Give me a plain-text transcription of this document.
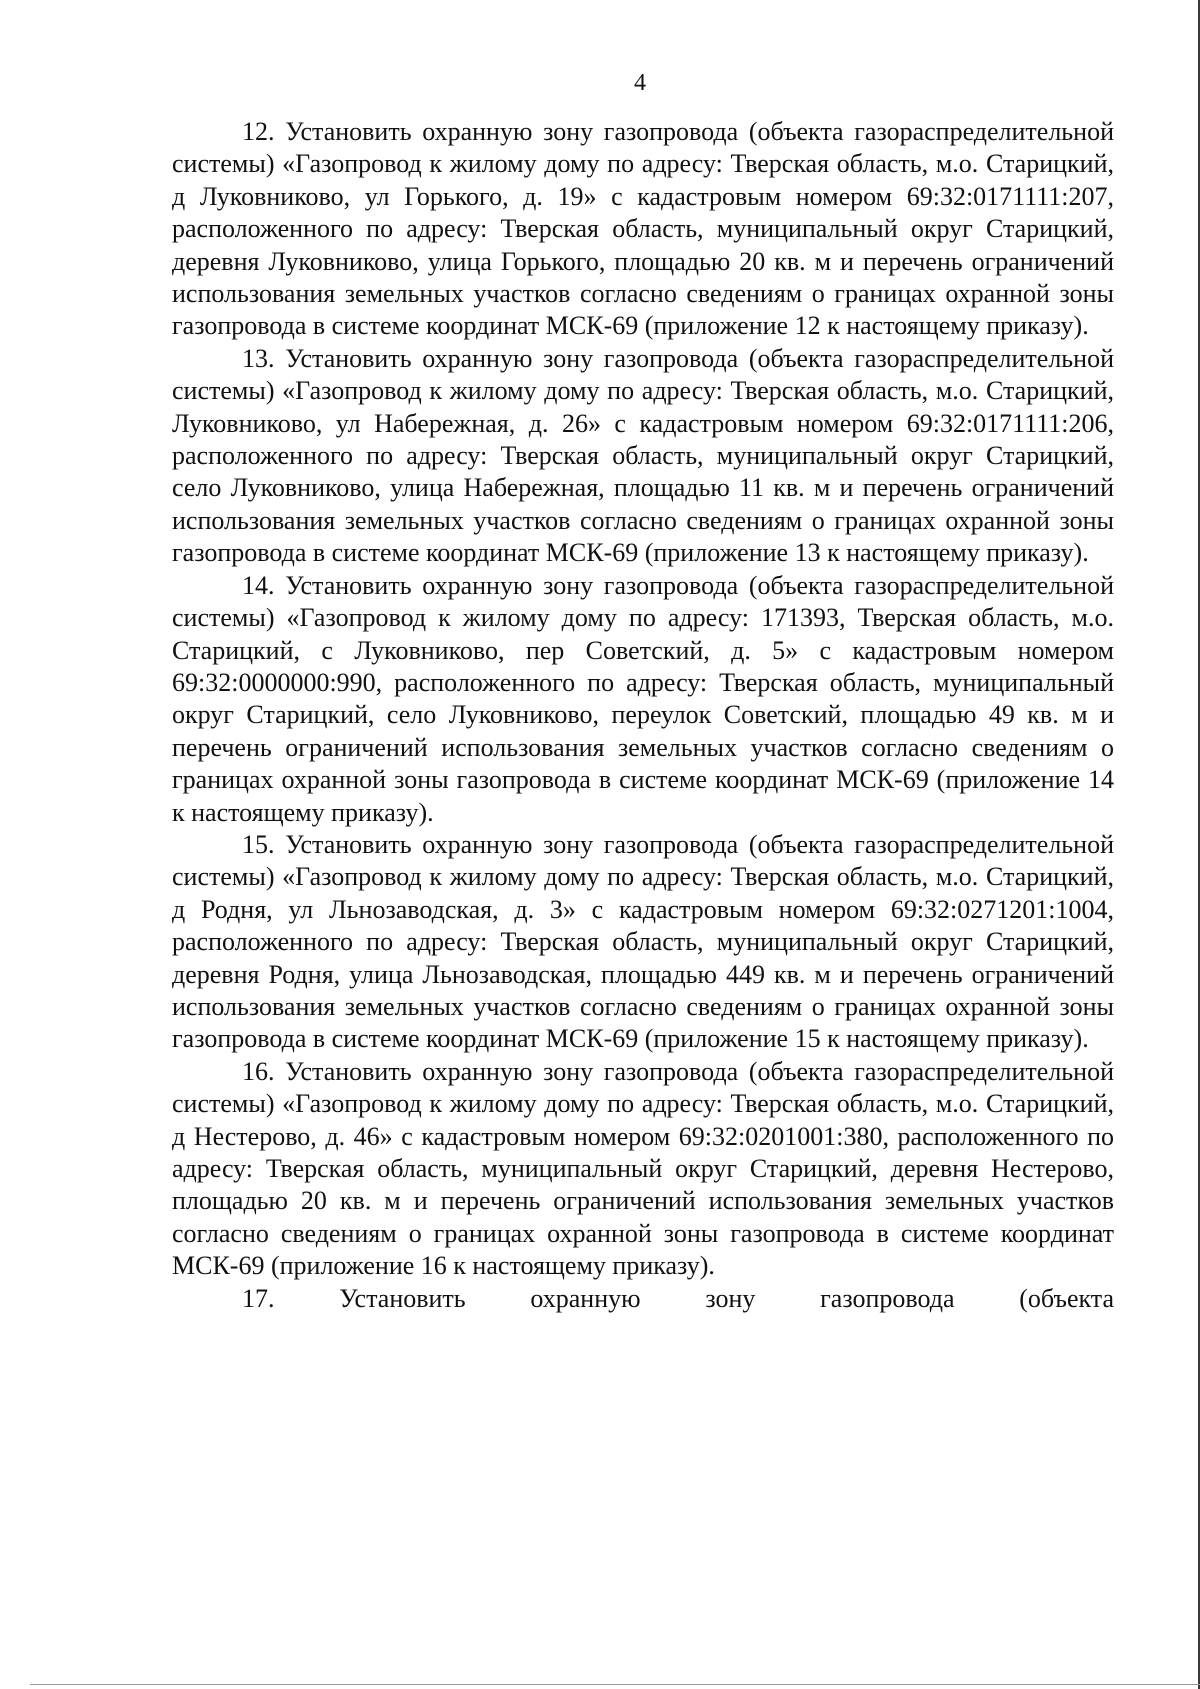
4

12. Установить охранную зону газопровода (объекта газораспределительной системы) «Газопровод к жилому дому по адресу: Тверская область, м.о. Старицкий, д Луковниково, ул Горького, д. 19» с кадастровым номером 69:32:0171111:207, расположенного по адресу: Тверская область, муниципальный округ Старицкий, деревня Луковниково, улица Горького, площадью 20 кв. м и перечень ограничений использования земельных участков согласно сведениям о границах охранной зоны газопровода в системе координат МСК-69 (приложение 12 к настоящему приказу).

13. Установить охранную зону газопровода (объекта газораспределительной системы) «Газопровод к жилому дому по адресу: Тверская область, м.о. Старицкий, Луковниково, ул Набережная, д. 26» с кадастровым номером 69:32:0171111:206, расположенного по адресу: Тверская область, муниципальный округ Старицкий, село Луковниково, улица Набережная, площадью 11 кв. м и перечень ограничений использования земельных участков согласно сведениям о границах охранной зоны газопровода в системе координат МСК-69 (приложение 13 к настоящему приказу).

14. Установить охранную зону газопровода (объекта газораспределительной системы) «Газопровод к жилому дому по адресу: 171393, Тверская область, м.о. Старицкий, с Луковниково, пер Советский, д. 5» с кадастровым номером 69:32:0000000:990, расположенного по адресу: Тверская область, муниципальный округ Старицкий, село Луковниково, переулок Советский, площадью 49 кв. м и перечень ограничений использования земельных участков согласно сведениям о границах охранной зоны газопровода в системе координат МСК-69 (приложение 14 к настоящему приказу).

15. Установить охранную зону газопровода (объекта газораспределительной системы) «Газопровод к жилому дому по адресу: Тверская область, м.о. Старицкий, д Родня, ул Льнозаводская, д. 3» с кадастровым номером 69:32:0271201:1004, расположенного по адресу: Тверская область, муниципальный округ Старицкий, деревня Родня, улица Льнозаводская, площадью 449 кв. м и перечень ограничений использования земельных участков согласно сведениям о границах охранной зоны газопровода в системе координат МСК-69 (приложение 15 к настоящему приказу).

16. Установить охранную зону газопровода (объекта газораспределительной системы) «Газопровод к жилому дому по адресу: Тверская область, м.о. Старицкий, д Нестерово, д. 46» с кадастровым номером 69:32:0201001:380, расположенного по адресу: Тверская область, муниципальный округ Старицкий, деревня Нестерово, площадью 20 кв. м и перечень ограничений использования земельных участков согласно сведениям о границах охранной зоны газопровода в системе координат МСК-69 (приложение 16 к настоящему приказу).

17. Установить охранную зону газопровода (объекта
